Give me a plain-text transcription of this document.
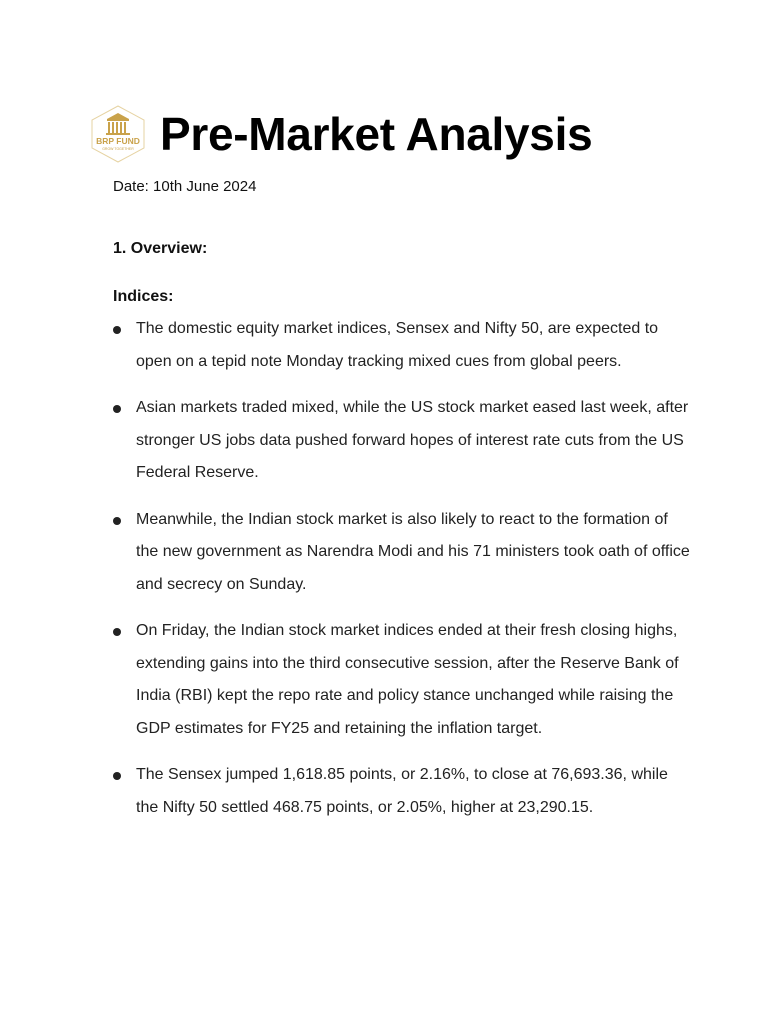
BRP FUND
GROW TOGETHER Pre-Market Analysis
Date: 10th June 2024
1. Overview:
Indices:
The domestic equity market indices, Sensex and Nifty 50, are expected to open on a tepid note Monday tracking mixed cues from global peers.
Asian markets traded mixed, while the US stock market eased last week, after stronger US jobs data pushed forward hopes of interest rate cuts from the US Federal Reserve.
Meanwhile, the Indian stock market is also likely to react to the formation of the new government as Narendra Modi and his 71 ministers took oath of office and secrecy on Sunday.
On Friday, the Indian stock market indices ended at their fresh closing highs, extending gains into the third consecutive session, after the Reserve Bank of India (RBI) kept the repo rate and policy stance unchanged while raising the GDP estimates for FY25 and retaining the inflation target.
The Sensex jumped 1,618.85 points, or 2.16%, to close at 76,693.36, while the Nifty 50 settled 468.75 points, or 2.05%, higher at 23,290.15.
